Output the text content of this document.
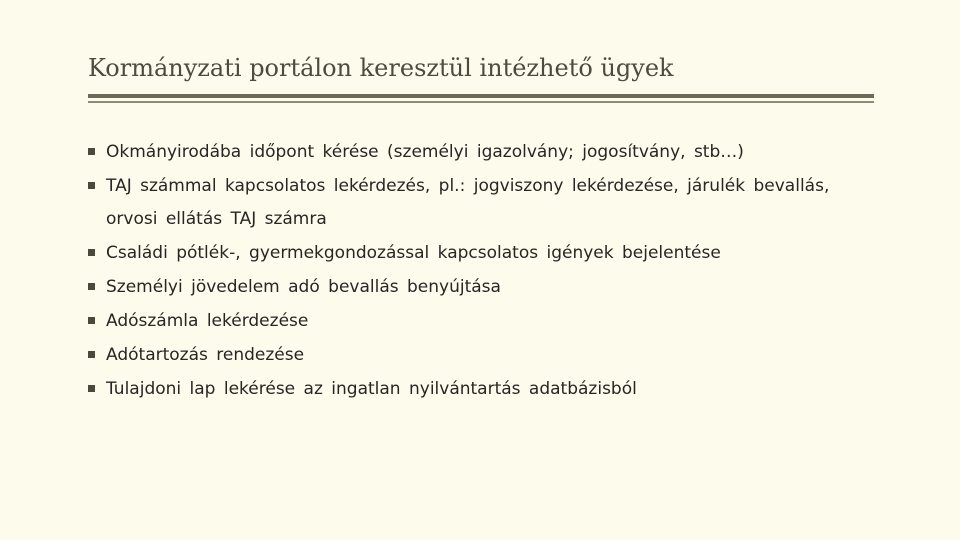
Kormányzati portálon keresztül intézhető ügyek
Okmányirodába időpont kérése (személyi igazolvány; jogosítvány, stb…)
TAJ számmal kapcsolatos lekérdezés, pl.: jogviszony lekérdezése, járulék bevallás, orvosi ellátás TAJ számra
Családi pótlék-, gyermekgondozással kapcsolatos igények bejelentése
Személyi jövedelem adó bevallás benyújtása
Adószámla lekérdezése
Adótartozás rendezése
Tulajdoni lap lekérése az ingatlan nyilvántartás adatbázisból
